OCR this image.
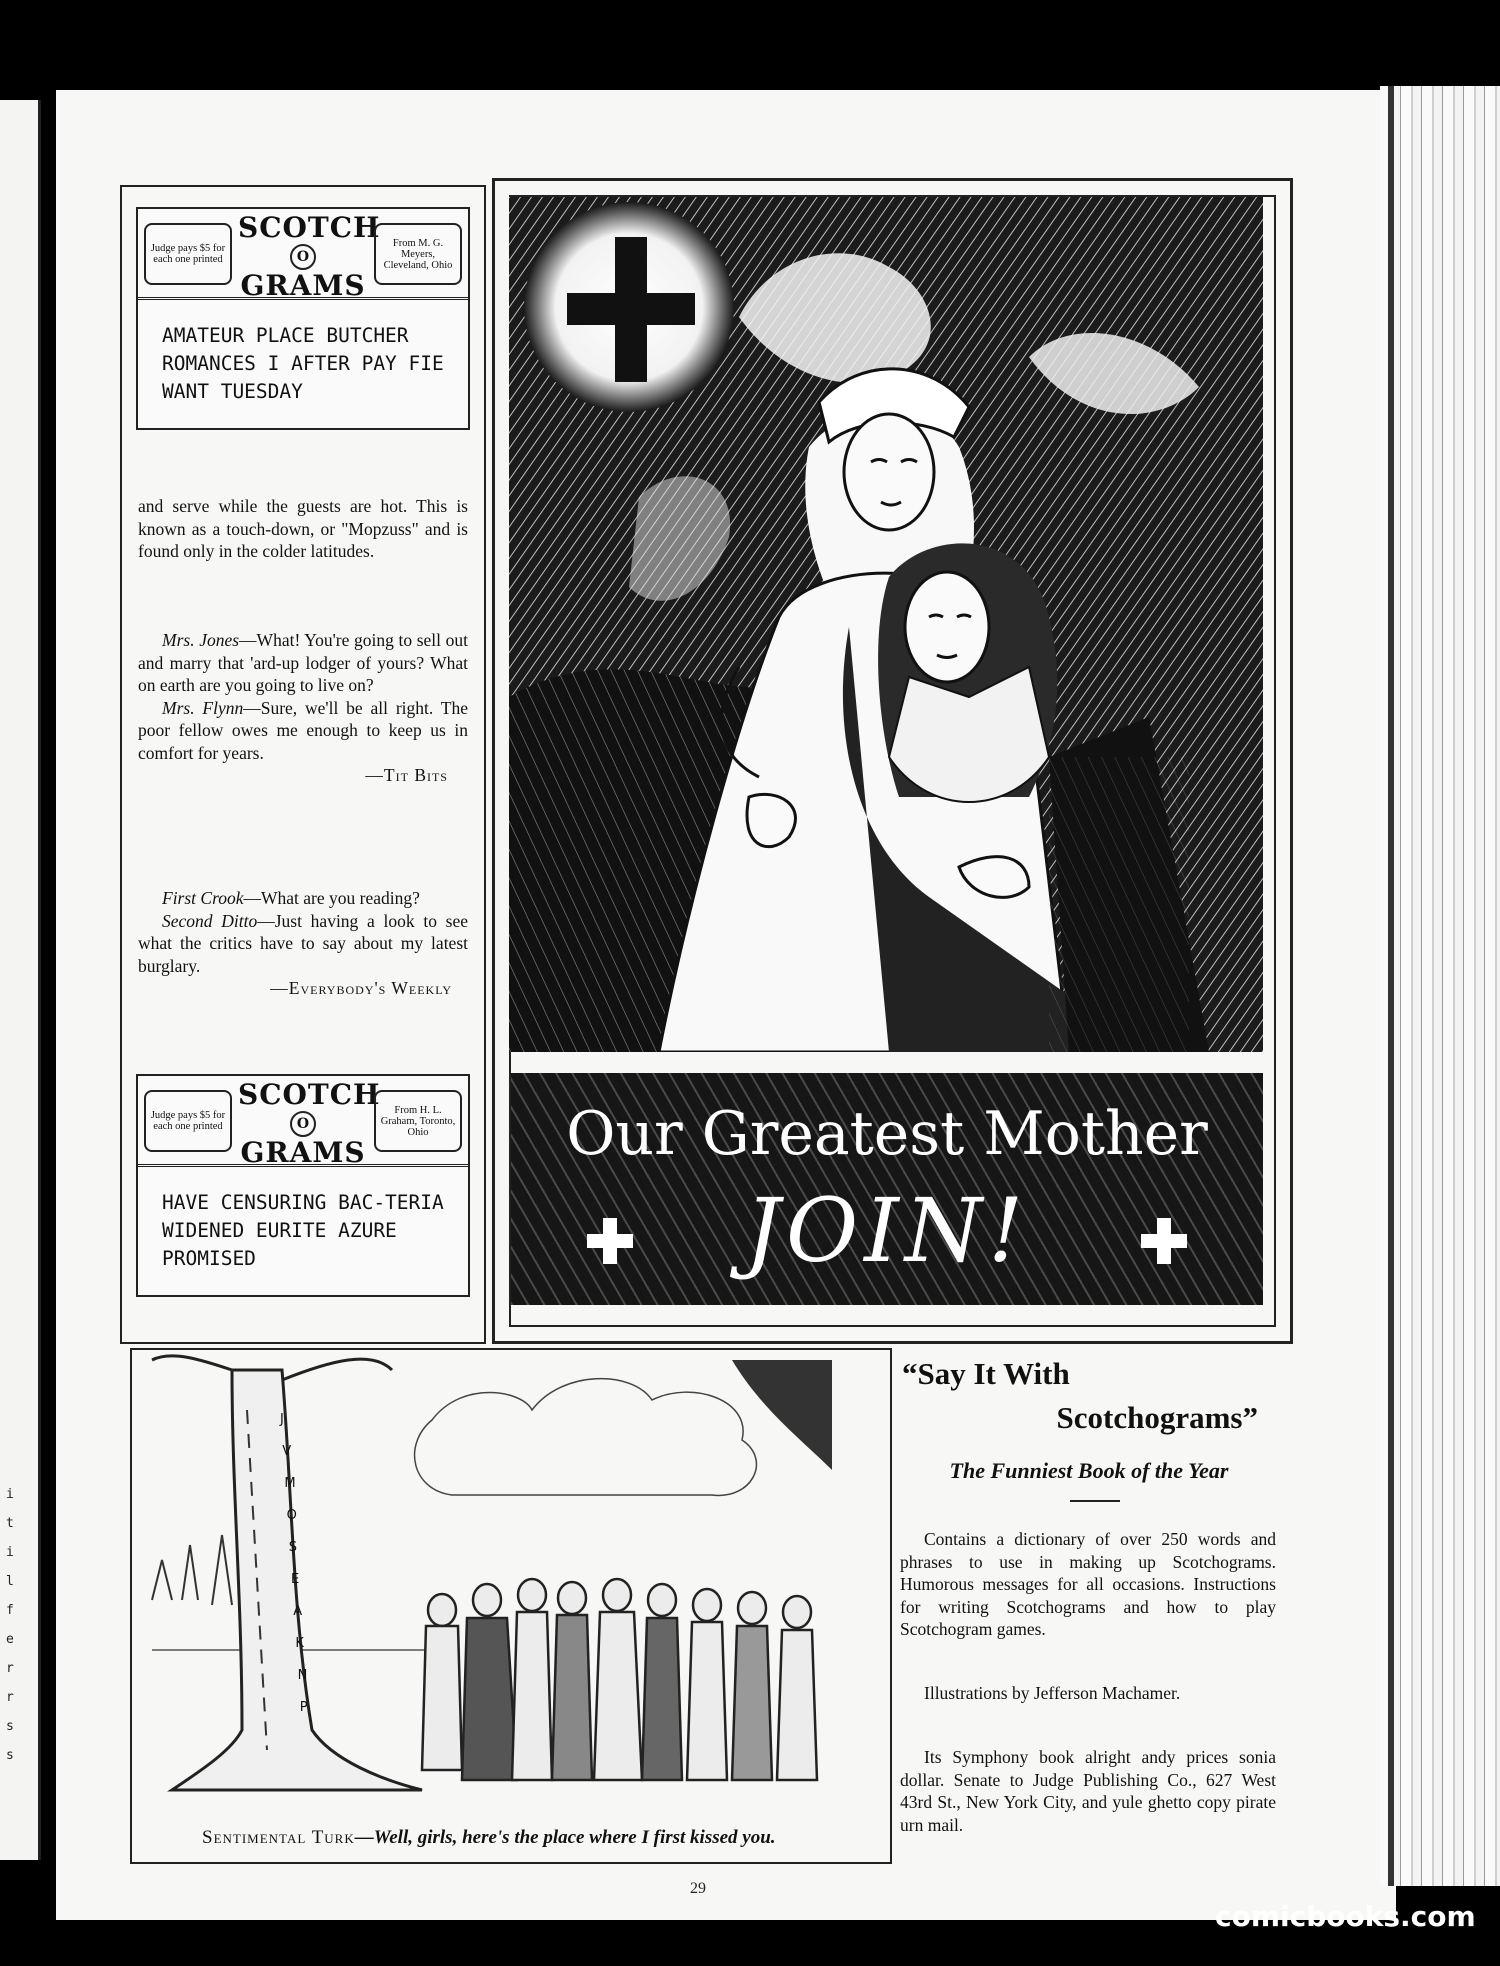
i
t
i
l
f
e
r
r
s
s
Judge pays $5 for each one printed
SCOTCH
O
GRAMS
From M. G. Meyers, Cleveland, Ohio
AMATEUR PLACE BUTCHER ROMANCES I AFTER PAY FIE WANT TUESDAY
and serve while the guests are hot. This is known as a touch-down, or "Mopzuss" and is found only in the colder latitudes.
Mrs. Jones—What! You're going to sell out and marry that 'ard-up lodger of yours? What on earth are you going to live on?
Mrs. Flynn—Sure, we'll be all right. The poor fellow owes me enough to keep us in comfort for years.
—Tit Bits
First Crook—What are you reading?
Second Ditto—Just having a look to see what the critics have to say about my latest burglary.
—Everybody's Weekly
Judge pays $5 for each one printed
SCOTCH
O
GRAMS
From H. L. Graham, Toronto, Ohio
HAVE CENSURING BAC-TERIA WIDENED EURITE AZURE PROMISED
Our Greatest Mother
JOIN!
Sentimental Turk—Well, girls, here's the place where I first kissed you.
J
V
M
O
S
E
A
K
N
P
“Say It With
Scotchograms”
The Funniest Book of the Year
Contains a dictionary of over 250 words and phrases to use in making up Scotchograms. Humorous messages for all occasions. Instructions for writing Scotchograms and how to play Scotchogram games.
Illustrations by Jefferson Machamer.
Its Symphony book alright andy prices sonia dollar. Senate to Judge Publishing Co., 627 West 43rd St., New York City, and yule ghetto copy pirate urn mail.
29
comicbooks.com
